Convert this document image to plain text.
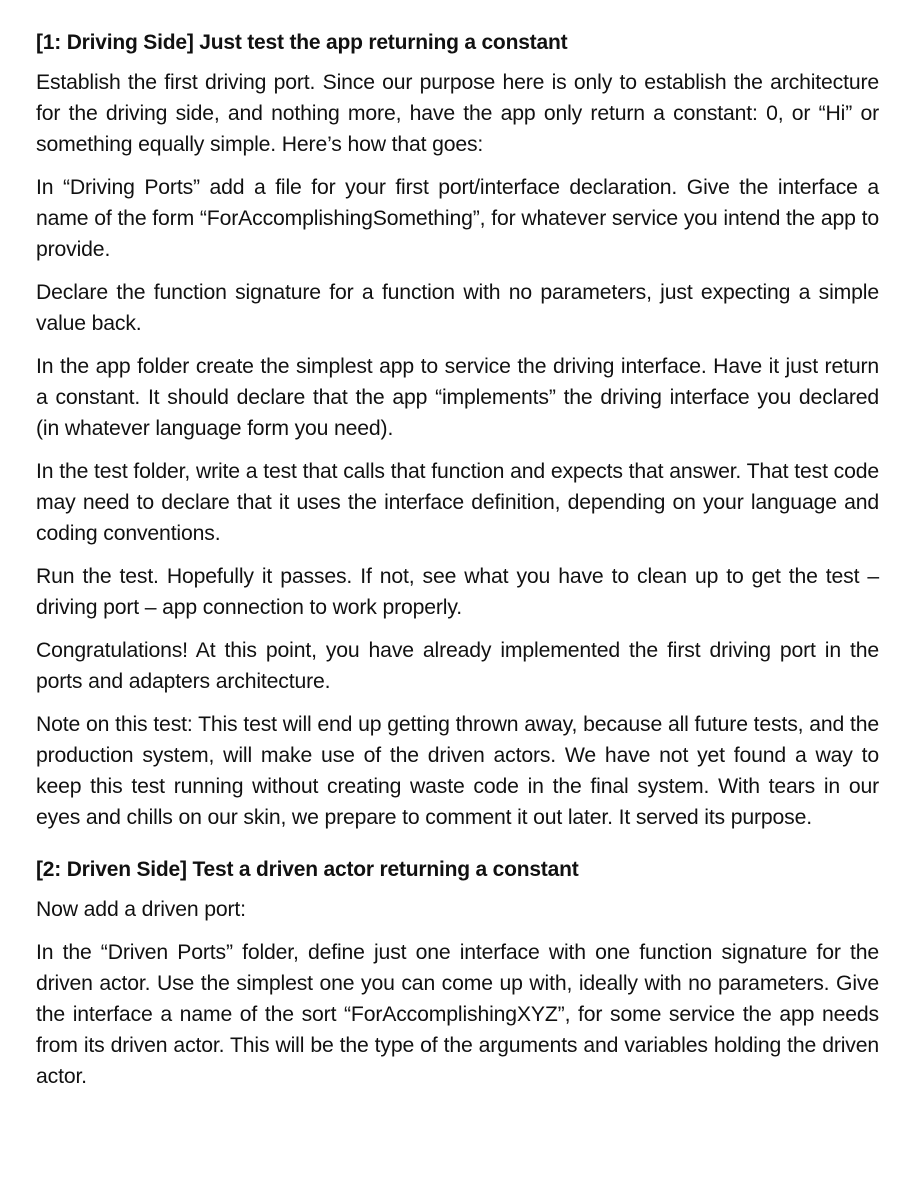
[1: Driving Side] Just test the app returning a constant

Establish the first driving port. Since our purpose here is only to establish the architecture for the driving side, and nothing more, have the app only return a constant: 0, or “Hi” or something equally simple. Here’s how that goes:

In “Driving Ports” add a file for your first port/interface declaration. Give the interface a name of the form “ForAccomplishingSomething”, for whatever service you intend the app to provide.

Declare the function signature for a function with no parameters, just expecting a simple value back.

In the app folder create the simplest app to service the driving interface. Have it just return a constant. It should declare that the app “implements” the driving interface you declared (in whatever language form you need).

In the test folder, write a test that calls that function and expects that answer. That test code may need to declare that it uses the interface definition, depending on your language and coding conventions.

Run the test. Hopefully it passes. If not, see what you have to clean up to get the test – driving port – app connection to work properly.

Congratulations! At this point, you have already implemented the first driving port in the ports and adapters architecture.

Note on this test: This test will end up getting thrown away, because all future tests, and the production system, will make use of the driven actors. We have not yet found a way to keep this test running without creating waste code in the final system. With tears in our eyes and chills on our skin, we prepare to comment it out later. It served its purpose.

[2: Driven Side] Test a driven actor returning a constant

Now add a driven port:

In the “Driven Ports” folder, define just one interface with one function signature for the driven actor. Use the simplest one you can come up with, ideally with no parameters. Give the interface a name of the sort “ForAccomplishingXYZ”, for some service the app needs from its driven actor. This will be the type of the arguments and variables holding the driven actor.
